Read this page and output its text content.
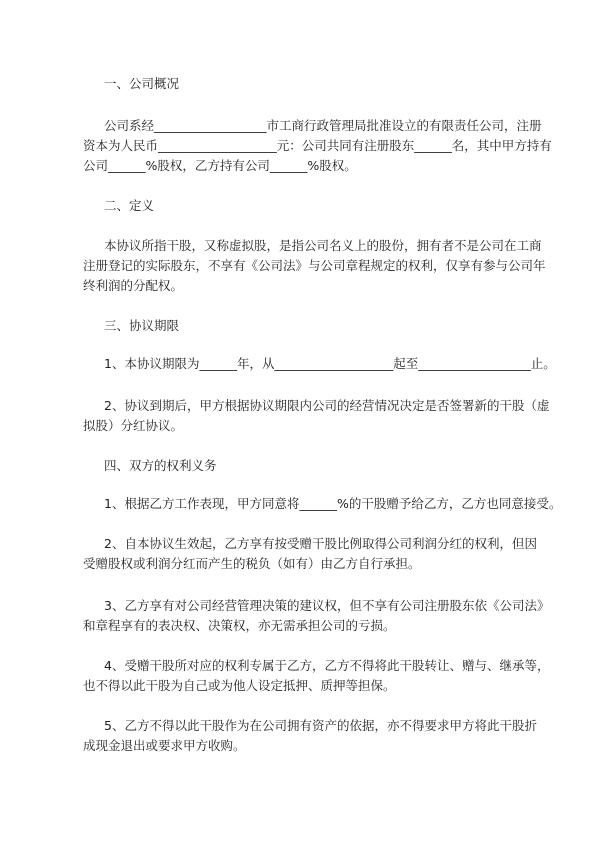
一、公司概况
公司系经__________________市工商行政管理局批准设立的有限责任公司，注册
资本为人民币___________________元：公司共同有注册股东______名，其中甲方持有
公司______%股权，乙方持有公司______%股权。
二、定义
本协议所指干股，又称虚拟股，是指公司名义上的股份，拥有者不是公司在工商
注册登记的实际股东，不享有《公司法》与公司章程规定的权利，仅享有参与公司年
终利润的分配权。
三、协议期限
1、本协议期限为______年，从___________________起至__________________止。
2、协议到期后，甲方根据协议期限内公司的经营情况决定是否签署新的干股（虚
拟股）分红协议。
四、双方的权利义务
1、根据乙方工作表现，甲方同意将______%的干股赠予给乙方，乙方也同意接受。
2、自本协议生效起，乙方享有按受赠干股比例取得公司利润分红的权利，但因
受赠股权或利润分红而产生的税负（如有）由乙方自行承担。
3、乙方享有对公司经营管理决策的建议权，但不享有公司注册股东依《公司法》
和章程享有的表决权、决策权，亦无需承担公司的亏损。
4、受赠干股所对应的权利专属于乙方，乙方不得将此干股转让、赠与、继承等，
也不得以此干股为自己或为他人设定抵押、质押等担保。
5、乙方不得以此干股作为在公司拥有资产的依据，亦不得要求甲方将此干股折
成现金退出或要求甲方收购。
